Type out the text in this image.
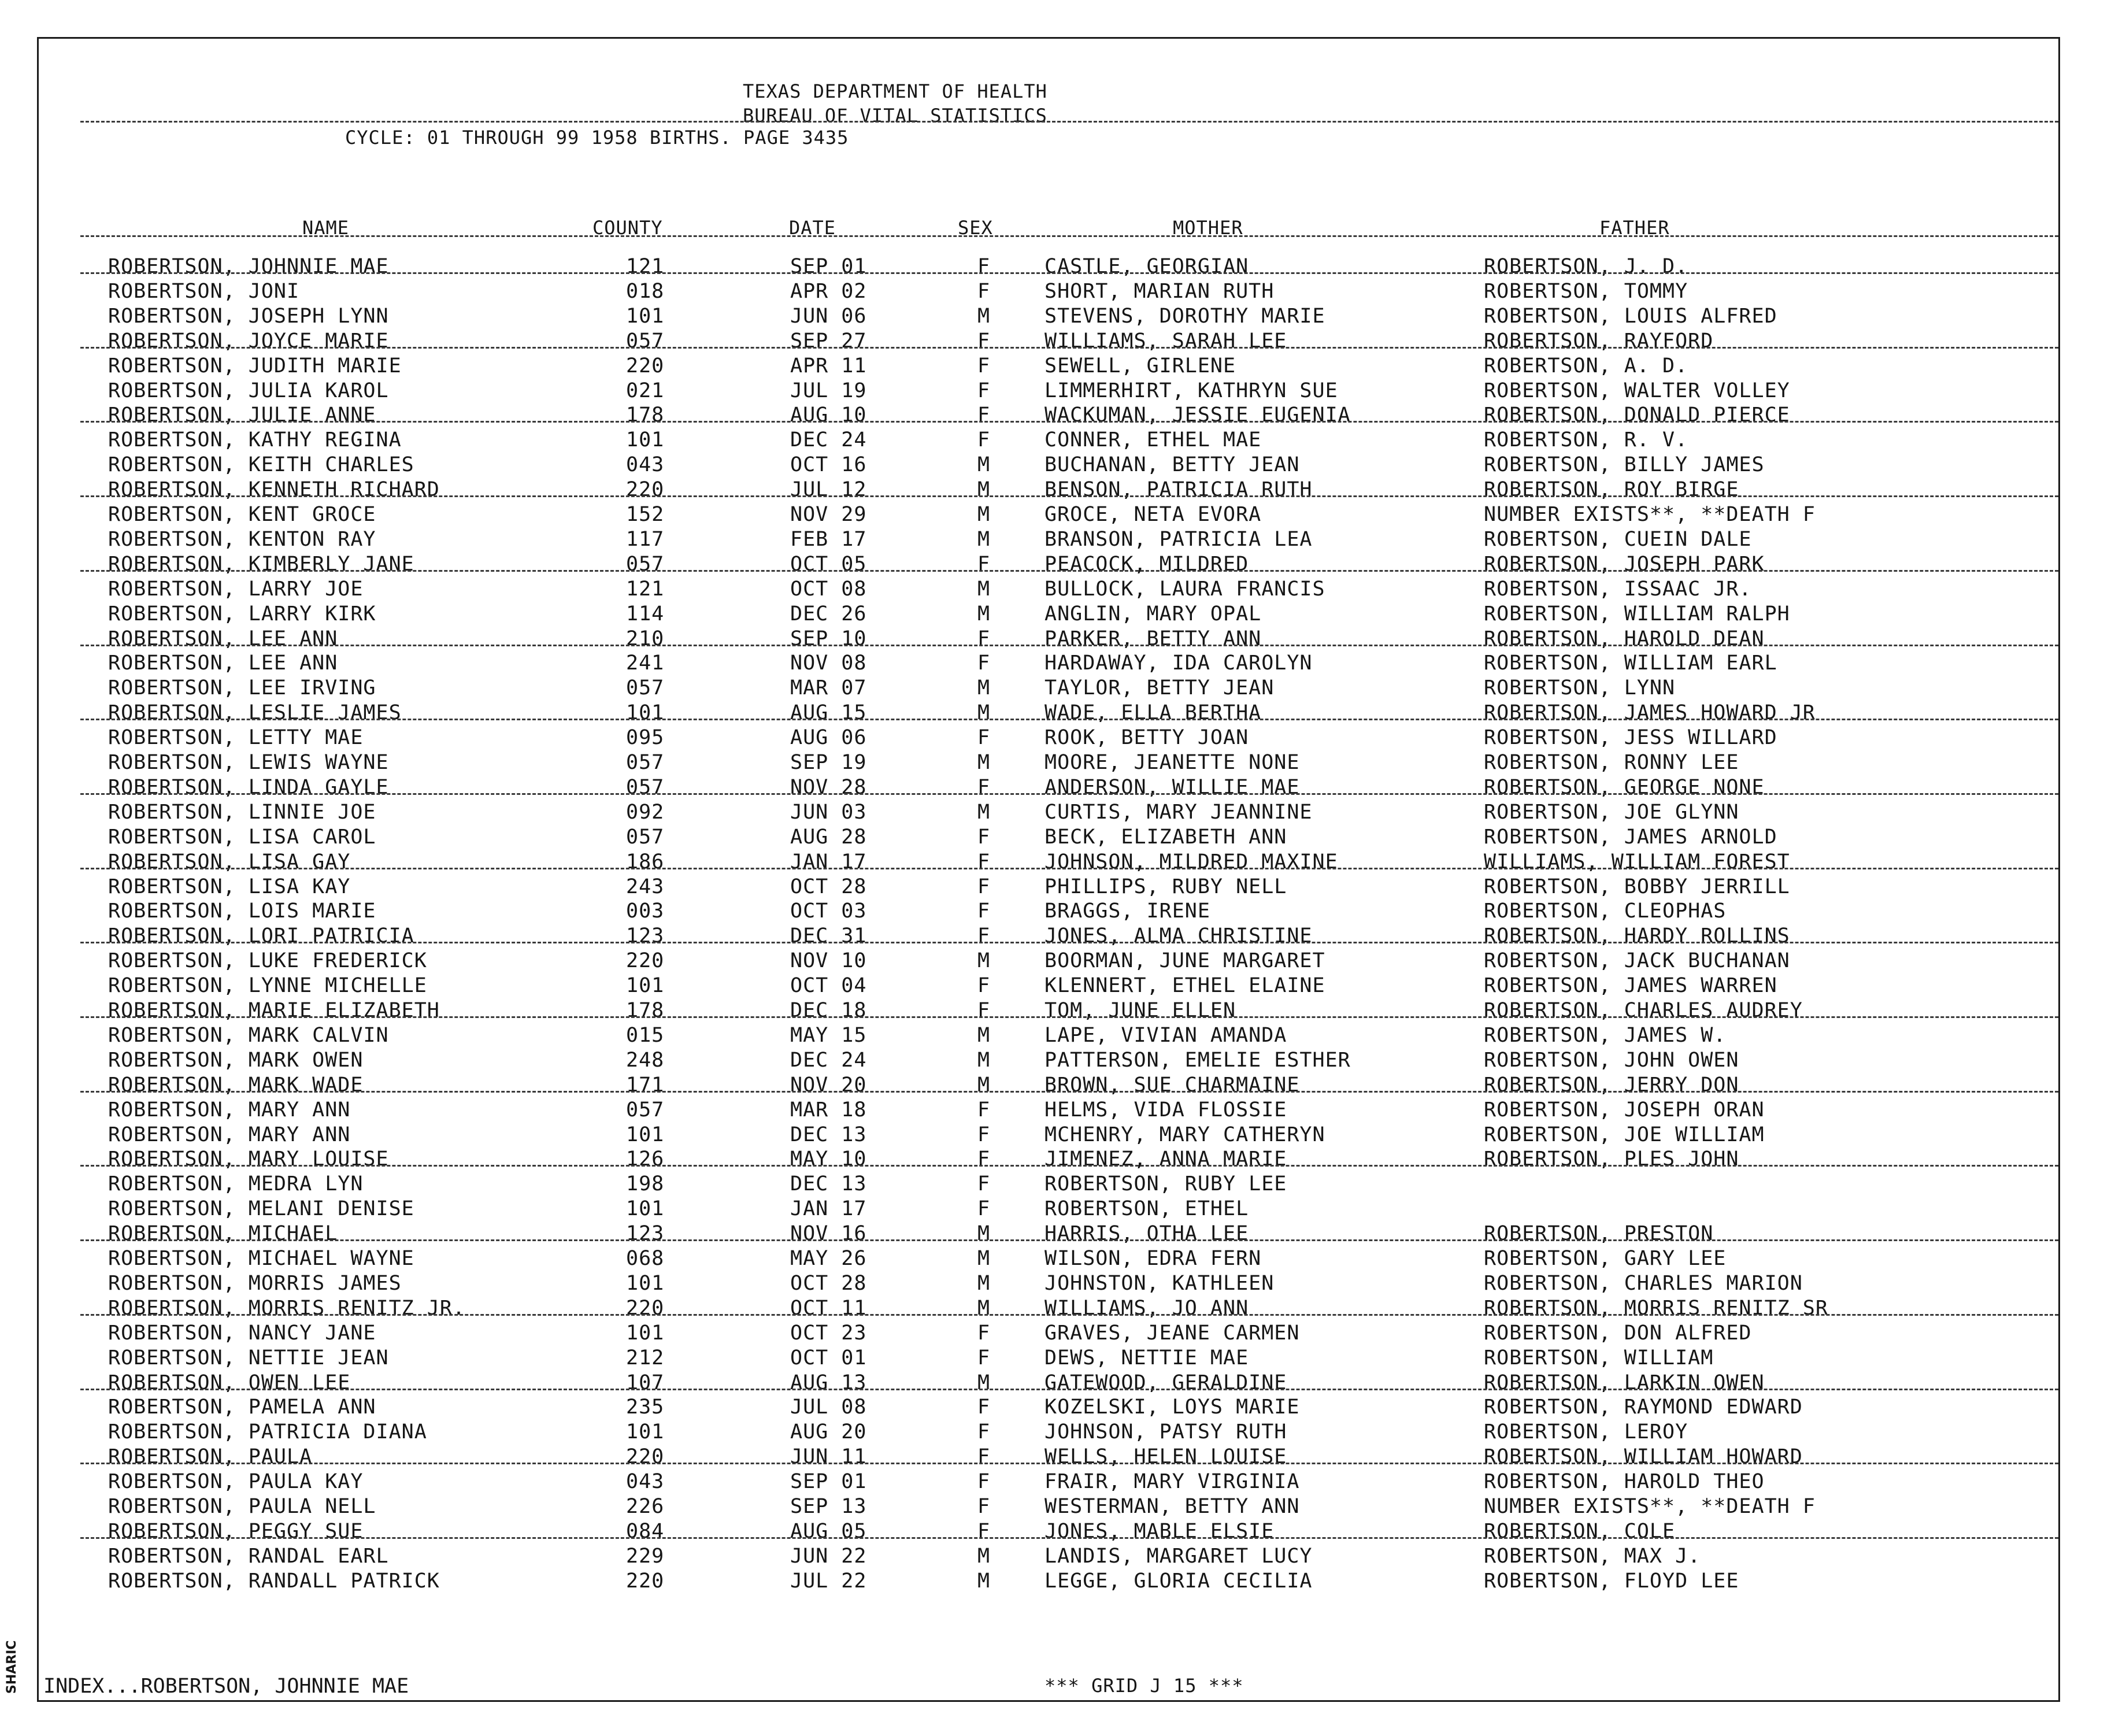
TEXAS DEPARTMENT OF HEALTH
BUREAU OF VITAL STATISTICS
CYCLE: 01 THROUGH 99 1958 BIRTHS. PAGE 3435
NAME	COUNTY	DATE	SEX	MOTHER	FATHER
ROBERTSON, JOHNNIE MAE	121	SEP 01	F	CASTLE, GEORGIAN	ROBERTSON, J. D.
ROBERTSON, JONI	018	APR 02	F	SHORT, MARIAN RUTH	ROBERTSON, TOMMY
ROBERTSON, JOSEPH LYNN	101	JUN 06	M	STEVENS, DOROTHY MARIE	ROBERTSON, LOUIS ALFRED
ROBERTSON, JOYCE MARIE	057	SEP 27	F	WILLIAMS, SARAH LEE	ROBERTSON, RAYFORD
ROBERTSON, JUDITH MARIE	220	APR 11	F	SEWELL, GIRLENE	ROBERTSON, A. D.
ROBERTSON, JULIA KAROL	021	JUL 19	F	LIMMERHIRT, KATHRYN SUE	ROBERTSON, WALTER VOLLEY
ROBERTSON, JULIE ANNE	178	AUG 10	F	WACKUMAN, JESSIE EUGENIA	ROBERTSON, DONALD PIERCE
ROBERTSON, KATHY REGINA	101	DEC 24	F	CONNER, ETHEL MAE	ROBERTSON, R. V.
ROBERTSON, KEITH CHARLES	043	OCT 16	M	BUCHANAN, BETTY JEAN	ROBERTSON, BILLY JAMES
ROBERTSON, KENNETH RICHARD	220	JUL 12	M	BENSON, PATRICIA RUTH	ROBERTSON, ROY BIRGE
ROBERTSON, KENT GROCE	152	NOV 29	M	GROCE, NETA EVORA	NUMBER EXISTS**, **DEATH F
ROBERTSON, KENTON RAY	117	FEB 17	M	BRANSON, PATRICIA LEA	ROBERTSON, CUEIN DALE
ROBERTSON, KIMBERLY JANE	057	OCT 05	F	PEACOCK, MILDRED	ROBERTSON, JOSEPH PARK
ROBERTSON, LARRY JOE	121	OCT 08	M	BULLOCK, LAURA FRANCIS	ROBERTSON, ISSAAC JR.
ROBERTSON, LARRY KIRK	114	DEC 26	M	ANGLIN, MARY OPAL	ROBERTSON, WILLIAM RALPH
ROBERTSON, LEE ANN	210	SEP 10	F	PARKER, BETTY ANN	ROBERTSON, HAROLD DEAN
ROBERTSON, LEE ANN	241	NOV 08	F	HARDAWAY, IDA CAROLYN	ROBERTSON, WILLIAM EARL
ROBERTSON, LEE IRVING	057	MAR 07	M	TAYLOR, BETTY JEAN	ROBERTSON, LYNN
ROBERTSON, LESLIE JAMES	101	AUG 15	M	WADE, ELLA BERTHA	ROBERTSON, JAMES HOWARD JR
ROBERTSON, LETTY MAE	095	AUG 06	F	ROOK, BETTY JOAN	ROBERTSON, JESS WILLARD
ROBERTSON, LEWIS WAYNE	057	SEP 19	M	MOORE, JEANETTE NONE	ROBERTSON, RONNY LEE
ROBERTSON, LINDA GAYLE	057	NOV 28	F	ANDERSON, WILLIE MAE	ROBERTSON, GEORGE NONE
ROBERTSON, LINNIE JOE	092	JUN 03	M	CURTIS, MARY JEANNINE	ROBERTSON, JOE GLYNN
ROBERTSON, LISA CAROL	057	AUG 28	F	BECK, ELIZABETH ANN	ROBERTSON, JAMES ARNOLD
ROBERTSON, LISA GAY	186	JAN 17	F	JOHNSON, MILDRED MAXINE	WILLIAMS, WILLIAM FOREST
ROBERTSON, LISA KAY	243	OCT 28	F	PHILLIPS, RUBY NELL	ROBERTSON, BOBBY JERRILL
ROBERTSON, LOIS MARIE	003	OCT 03	F	BRAGGS, IRENE	ROBERTSON, CLEOPHAS
ROBERTSON, LORI PATRICIA	123	DEC 31	F	JONES, ALMA CHRISTINE	ROBERTSON, HARDY ROLLINS
ROBERTSON, LUKE FREDERICK	220	NOV 10	M	BOORMAN, JUNE MARGARET	ROBERTSON, JACK BUCHANAN
ROBERTSON, LYNNE MICHELLE	101	OCT 04	F	KLENNERT, ETHEL ELAINE	ROBERTSON, JAMES WARREN
ROBERTSON, MARIE ELIZABETH	178	DEC 18	F	TOM, JUNE ELLEN	ROBERTSON, CHARLES AUDREY
ROBERTSON, MARK CALVIN	015	MAY 15	M	LAPE, VIVIAN AMANDA	ROBERTSON, JAMES W.
ROBERTSON, MARK OWEN	248	DEC 24	M	PATTERSON, EMELIE ESTHER	ROBERTSON, JOHN OWEN
ROBERTSON, MARK WADE	171	NOV 20	M	BROWN, SUE CHARMAINE	ROBERTSON, JERRY DON
ROBERTSON, MARY ANN	057	MAR 18	F	HELMS, VIDA FLOSSIE	ROBERTSON, JOSEPH ORAN
ROBERTSON, MARY ANN	101	DEC 13	F	MCHENRY, MARY CATHERYN	ROBERTSON, JOE WILLIAM
ROBERTSON, MARY LOUISE	126	MAY 10	F	JIMENEZ, ANNA MARIE	ROBERTSON, PLES JOHN
ROBERTSON, MEDRA LYN	198	DEC 13	F	ROBERTSON, RUBY LEE
ROBERTSON, MELANI DENISE	101	JAN 17	F	ROBERTSON, ETHEL
ROBERTSON, MICHAEL	123	NOV 16	M	HARRIS, OTHA LEE	ROBERTSON, PRESTON
ROBERTSON, MICHAEL WAYNE	068	MAY 26	M	WILSON, EDRA FERN	ROBERTSON, GARY LEE
ROBERTSON, MORRIS JAMES	101	OCT 28	M	JOHNSTON, KATHLEEN	ROBERTSON, CHARLES MARION
ROBERTSON, MORRIS RENITZ JR.	220	OCT 11	M	WILLIAMS, JO ANN	ROBERTSON, MORRIS RENITZ SR
ROBERTSON, NANCY JANE	101	OCT 23	F	GRAVES, JEANE CARMEN	ROBERTSON, DON ALFRED
ROBERTSON, NETTIE JEAN	212	OCT 01	F	DEWS, NETTIE MAE	ROBERTSON, WILLIAM
ROBERTSON, OWEN LEE	107	AUG 13	M	GATEWOOD, GERALDINE	ROBERTSON, LARKIN OWEN
ROBERTSON, PAMELA ANN	235	JUL 08	F	KOZELSKI, LOYS MARIE	ROBERTSON, RAYMOND EDWARD
ROBERTSON, PATRICIA DIANA	101	AUG 20	F	JOHNSON, PATSY RUTH	ROBERTSON, LEROY
ROBERTSON, PAULA	220	JUN 11	F	WELLS, HELEN LOUISE	ROBERTSON, WILLIAM HOWARD
ROBERTSON, PAULA KAY	043	SEP 01	F	FRAIR, MARY VIRGINIA	ROBERTSON, HAROLD THEO
ROBERTSON, PAULA NELL	226	SEP 13	F	WESTERMAN, BETTY ANN	NUMBER EXISTS**, **DEATH F
ROBERTSON, PEGGY SUE	084	AUG 05	F	JONES, MABLE ELSIE	ROBERTSON, COLE
ROBERTSON, RANDAL EARL	229	JUN 22	M	LANDIS, MARGARET LUCY	ROBERTSON, MAX J.
ROBERTSON, RANDALL PATRICK	220	JUL 22	M	LEGGE, GLORIA CECILIA	ROBERTSON, FLOYD LEE
INDEX...ROBERTSON, JOHNNIE MAE	*** GRID J 15 ***
SHARIC
